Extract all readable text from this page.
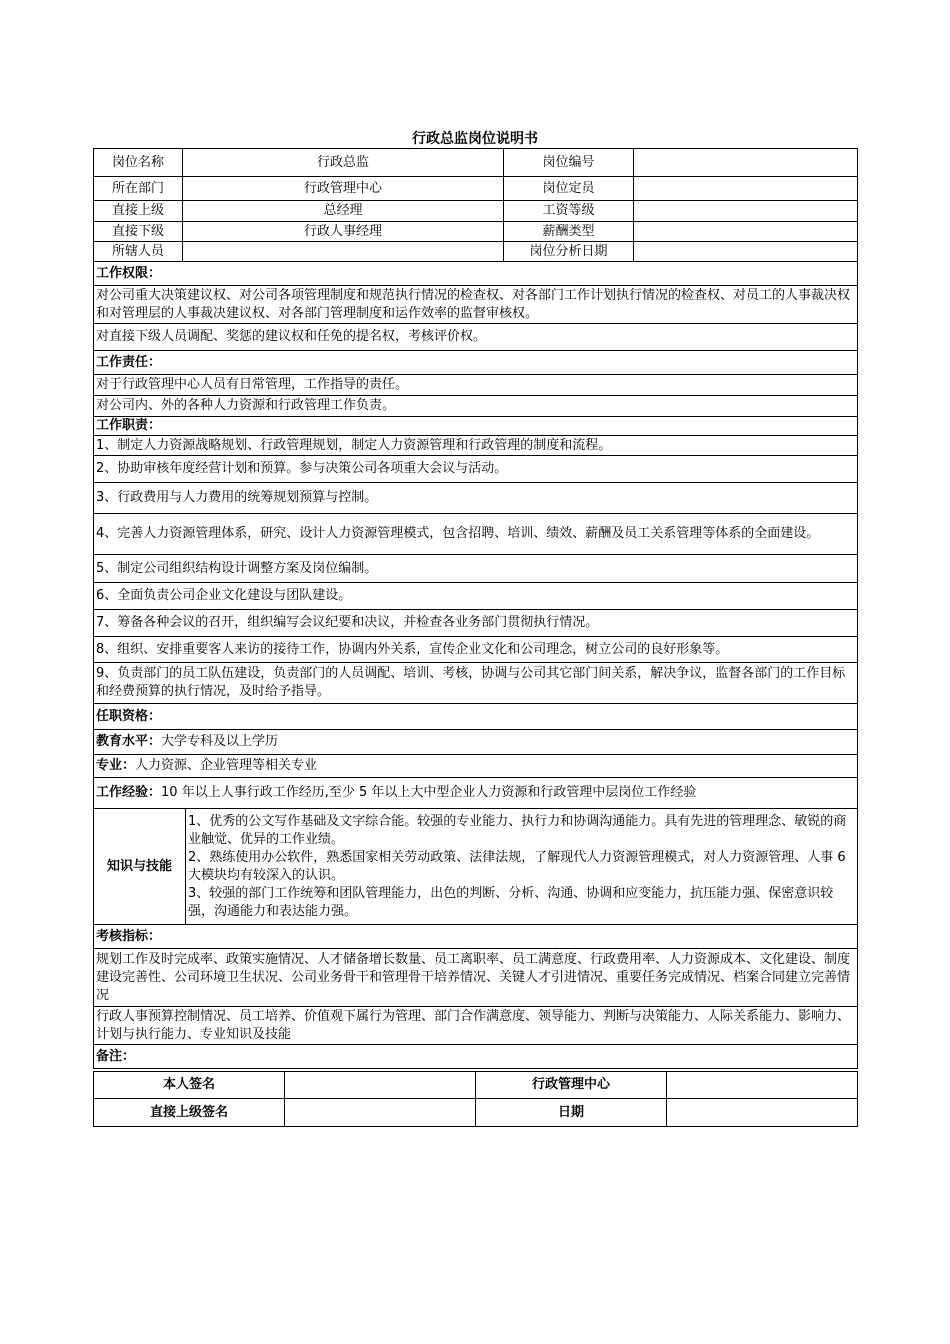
行政总监岗位说明书
岗位名称	行政总监	岗位编号	
所在部门	行政管理中心	岗位定员	
直接上级	总经理	工资等级	
直接下级	行政人事经理	薪酬类型	
所辖人员		岗位分析日期	
工作权限：
对公司重大决策建议权、对公司各项管理制度和规范执行情况的检查权、对各部门工作计划执行情况的检查权、对员工的人事裁决权和对管理层的人事裁决建议权、对各部门管理制度和运作效率的监督审核权。
对直接下级人员调配、奖惩的建议权和任免的提名权，考核评价权。
工作责任：
对于行政管理中心人员有日常管理，工作指导的责任。
对公司内、外的各种人力资源和行政管理工作负责。
工作职责：
1、制定人力资源战略规划、行政管理规划，制定人力资源管理和行政管理的制度和流程。
2、协助审核年度经营计划和预算。参与决策公司各项重大会议与活动。
3、行政费用与人力费用的统筹规划预算与控制。
4、完善人力资源管理体系，研究、设计人力资源管理模式，包含招聘、培训、绩效、薪酬及员工关系管理等体系的全面建设。
5、制定公司组织结构设计调整方案及岗位编制。
6、全面负责公司企业文化建设与团队建设。
7、筹备各种会议的召开，组织编写会议纪要和决议，并检查各业务部门贯彻执行情况。
8、组织、安排重要客人来访的接待工作，协调内外关系，宣传企业文化和公司理念，树立公司的良好形象等。
9、负责部门的员工队伍建设，负责部门的人员调配、培训、考核，协调与公司其它部门间关系，解决争议，监督各部门的工作目标和经费预算的执行情况，及时给予指导。
任职资格：
教育水平：大学专科及以上学历
专业：人力资源、企业管理等相关专业
工作经验：10 年以上人事行政工作经历,至少 5 年以上大中型企业人力资源和行政管理中层岗位工作经验
知识与技能	
1、优秀的公文写作基础及文字综合能。较强的专业能力、执行力和协调沟通能力。具有先进的管理理念、敏锐的商业触觉、优异的工作业绩。
2、熟练使用办公软件，熟悉国家相关劳动政策、法律法规，了解现代人力资源管理模式，对人力资源管理、人事 6 大模块均有较深入的认识。
3、较强的部门工作统筹和团队管理能力，出色的判断、分析、沟通、协调和应变能力，抗压能力强、保密意识较强，沟通能力和表达能力强。

考核指标：
规划工作及时完成率、政策实施情况、人才储备增长数量、员工离职率、员工满意度、行政费用率、人力资源成本、文化建设、制度建设完善性、公司环境卫生状况、公司业务骨干和管理骨干培养情况、关键人才引进情况、重要任务完成情况、档案合同建立完善情况
行政人事预算控制情况、员工培养、价值观下属行为管理、部门合作满意度、领导能力、判断与决策能力、人际关系能力、影响力、计划与执行能力、专业知识及技能
备注：
本人签名		行政管理中心	
直接上级签名		日期	
